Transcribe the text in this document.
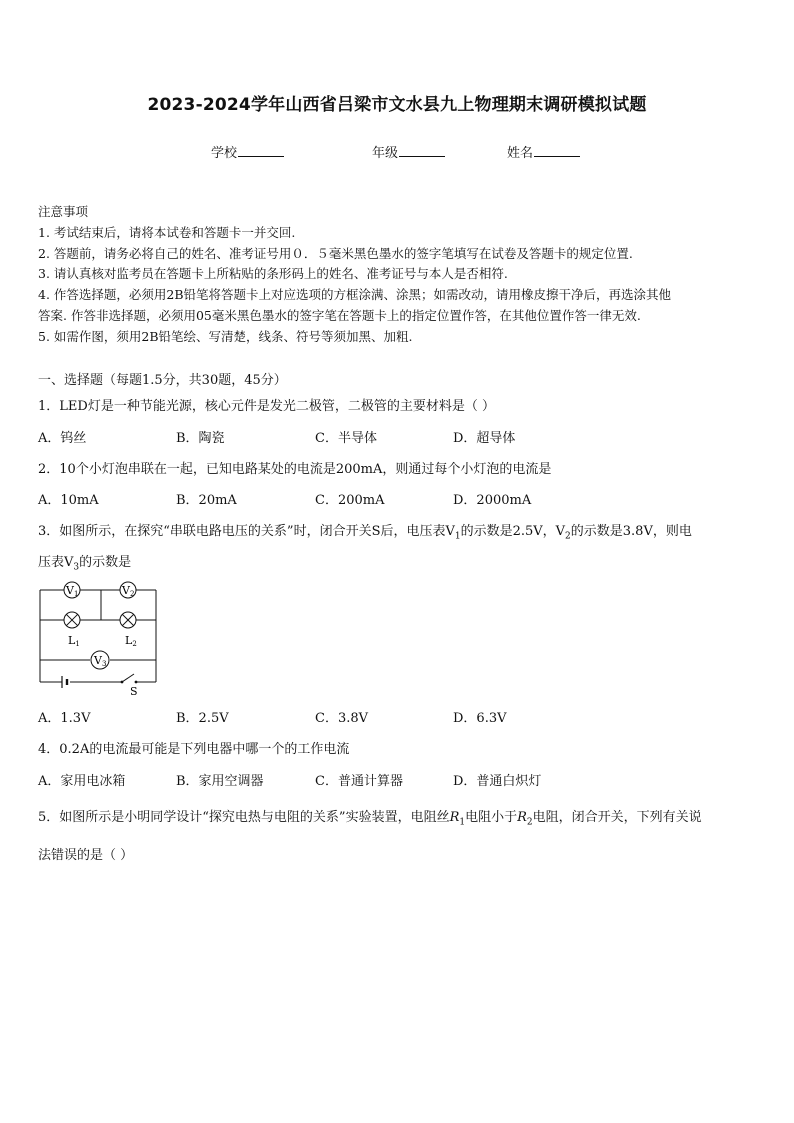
2023-2024学年山西省吕梁市文水县九上物理期末调研模拟试题
学校	年级	姓名
注意事项
1. 考试结束后，请将本试卷和答题卡一并交回.
2. 答题前，请务必将自己的姓名、准考证号用０．５毫米黑色墨水的签字笔填写在试卷及答题卡的规定位置.
3. 请认真核对监考员在答题卡上所粘贴的条形码上的姓名、准考证号与本人是否相符.
4. 作答选择题，必须用2B铅笔将答题卡上对应选项的方框涂满、涂黑；如需改动，请用橡皮擦干净后，再选涂其他
答案. 作答非选择题，必须用05毫米黑色墨水的签字笔在答题卡上的指定位置作答，在其他位置作答一律无效.
5. 如需作图，须用2B铅笔绘、写清楚，线条、符号等须加黑、加粗.
一、选择题（每题1.5分，共30题，45分）
1．LED灯是一种节能光源，核心元件是发光二极管，二极管的主要材料是（ ）
A．钨丝	B．陶瓷	C．半导体	D．超导体
2．10个小灯泡串联在一起，已知电路某处的电流是200mA，则通过每个小灯泡的电流是
A．10mA	B．20mA	C．200mA	D．2000mA
3．如图所示，在探究“串联电路电压的关系”时，闭合开关S后，电压表$V_1$的示数是2.5V，$V_2$的示数是3.8V，则电
压表$V_3$的示数是
V1	V2
V3
L1	L2
S
A．1.3V	B．2.5V	C．3.8V	D．6.3V
4．0.2A的电流最可能是下列电器中哪一个的工作电流
A．家用电冰箱	B．家用空调器	C．普通计算器	D．普通白炽灯
5．如图所示是小明同学设计“探究电热与电阻的关系”实验装置，电阻丝$R_1$电阻小于$R_2$电阻，闭合开关，下列有关说
法错误的是（ ）
